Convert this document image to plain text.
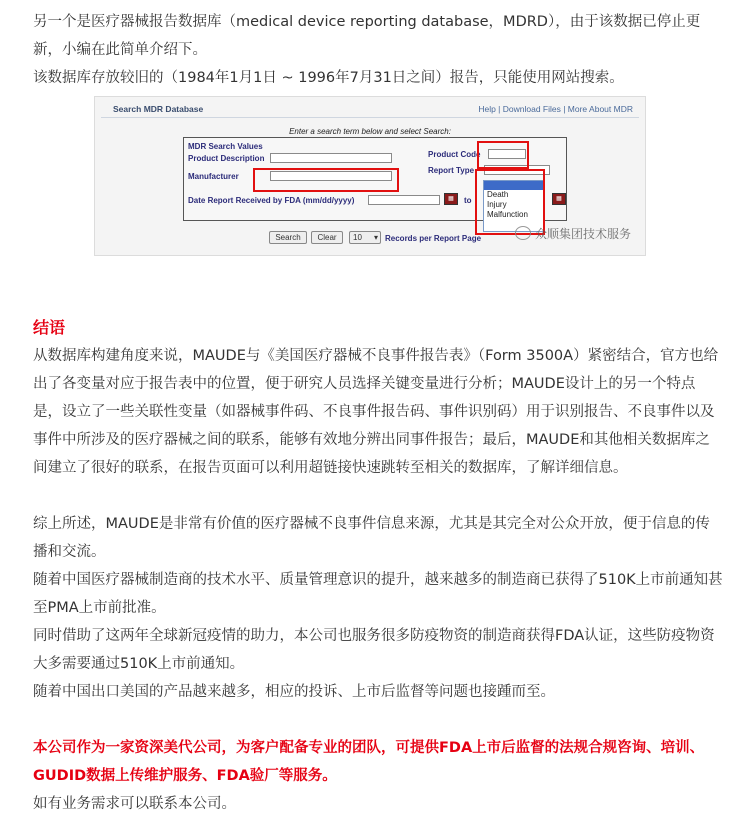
另一个是医疗器械报告数据库（medical device reporting database，MDRD），由于该数据已停止更新，小编在此简单介绍下。

该数据库存放较旧的（1984年1月1日 ~ 1996年7月31日之间）报告，只能使用网站搜索。

Search MDR Database	Help | Download Files | More About MDR
Enter a search term below and select Search:
MDR Search Values
Product Description
Manufacturer
Product Code
Report Type
Date Report Received by FDA (mm/dd/yyyy)	▦	to	▦
Death
Injury
Malfunction
Search	Clear	10 ▾ Records per Report Page	众顺集团技术服务

结语

从数据库构建角度来说，MAUDE与《美国医疗器械不良事件报告表》（Form 3500A）紧密结合，官方也给出了各变量对应于报告表中的位置，便于研究人员选择关键变量进行分析；MAUDE设计上的另一个特点是，设立了一些关联性变量（如器械事件码、不良事件报告码、事件识别码）用于识别报告、不良事件以及事件中所涉及的医疗器械之间的联系，能够有效地分辨出同事件报告；最后，MAUDE和其他相关数据库之间建立了很好的联系，在报告页面可以利用超链接快速跳转至相关的数据库，了解详细信息。

综上所述，MAUDE是非常有价值的医疗器械不良事件信息来源，尤其是其完全对公众开放，便于信息的传播和交流。

随着中国医疗器械制造商的技术水平、质量管理意识的提升，越来越多的制造商已获得了510K上市前通知甚至PMA上市前批准。

同时借助了这两年全球新冠疫情的助力，本公司也服务很多防疫物资的制造商获得FDA认证，这些防疫物资大多需要通过510K上市前通知。

随着中国出口美国的产品越来越多，相应的投诉、上市后监督等问题也接踵而至。

本公司作为一家资深美代公司，为客户配备专业的团队，可提供FDA上市后监督的法规合规咨询、培训、GUDID数据上传维护服务、FDA验厂等服务。

如有业务需求可以联系本公司。
